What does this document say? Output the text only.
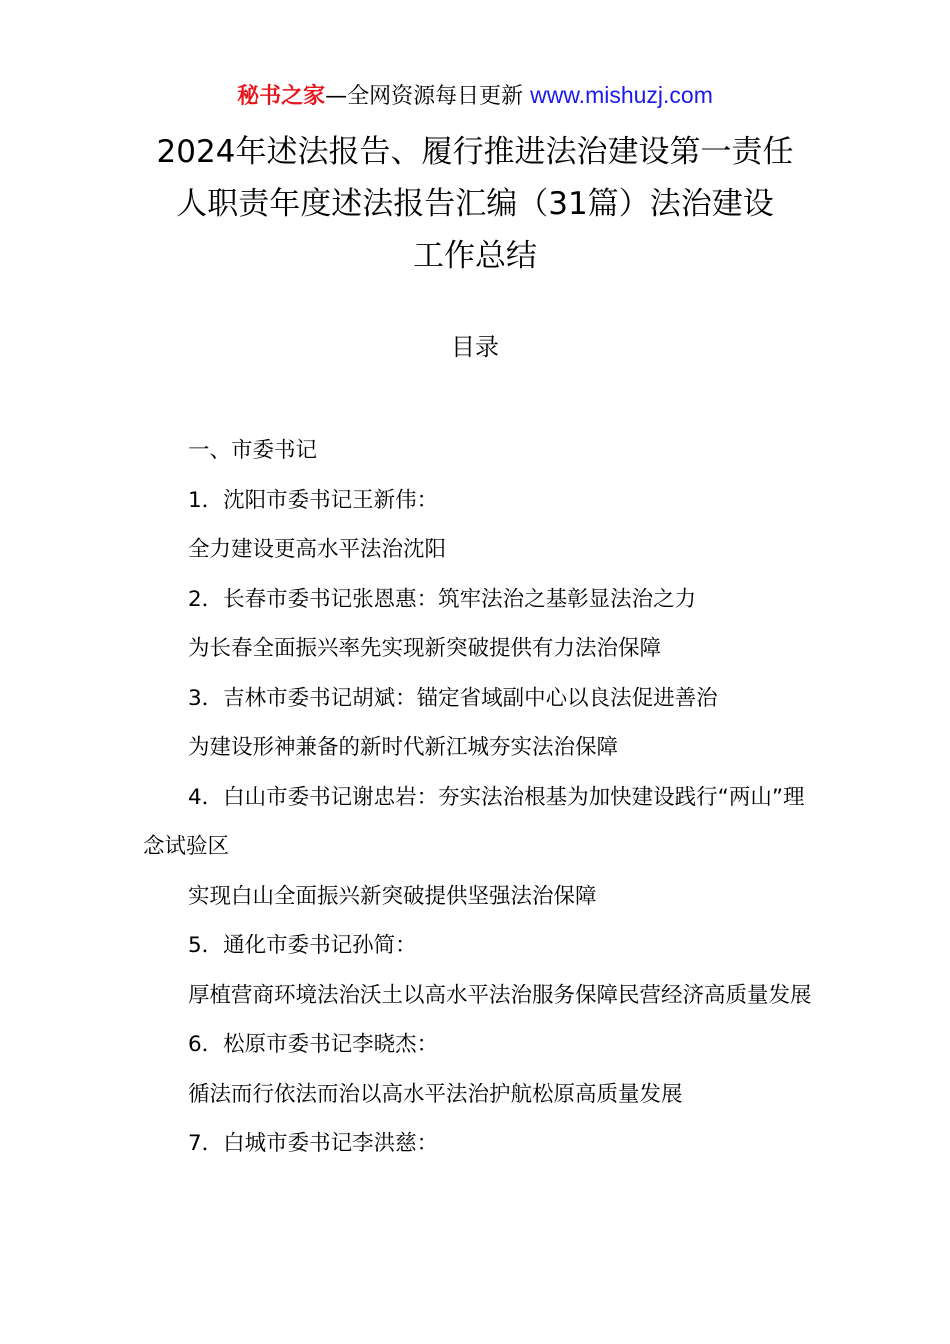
秘书之家—全网资源每日更新 www.mishuzj.com
2024年述法报告、履行推进法治建设第一责任
人职责年度述法报告汇编（31篇）法治建设
工作总结
目录

一、市委书记

1．沈阳市委书记王新伟：

全力建设更高水平法治沈阳

2．长春市委书记张恩惠：筑牢法治之基彰显法治之力

为长春全面振兴率先实现新突破提供有力法治保障

3．吉林市委书记胡斌：锚定省域副中心以良法促进善治

为建设形神兼备的新时代新江城夯实法治保障

4．白山市委书记谢忠岩：夯实法治根基为加快建设践行“两山”理念试验区

实现白山全面振兴新突破提供坚强法治保障

5．通化市委书记孙简：

厚植营商环境法治沃土以高水平法治服务保障民营经济高质量发展

6．松原市委书记李晓杰：

循法而行依法而治以高水平法治护航松原高质量发展

7．白城市委书记李洪慈：
